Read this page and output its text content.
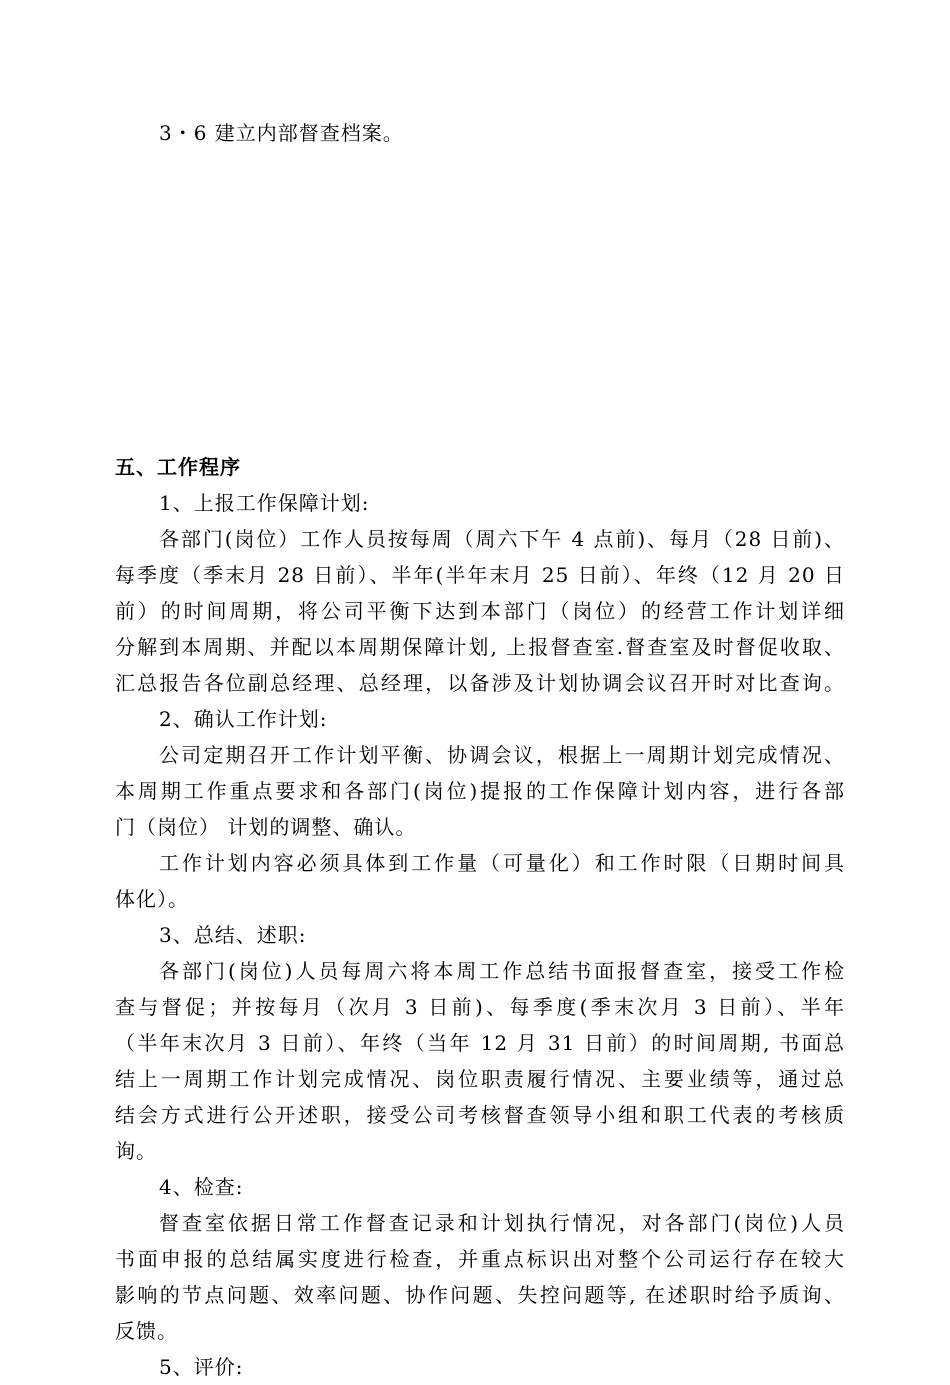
3・6 建立内部督查档案。
五、工作程序
1、上报工作保障计划:
各部门(岗位）工作人员按每周（周六下午 4 点前)、每月（28 日前)、
每季度（季末月 28 日前）、半年(半年末月 25 日前）、年终（12 月 20 日
前）的时间周期，将公司平衡下达到本部门（岗位）的经营工作计划详细
分解到本周期、并配以本周期保障计划, 上报督查室.督查室及时督促收取、
汇总报告各位副总经理、总经理，以备涉及计划协调会议召开时对比查询。
2、确认工作计划:
公司定期召开工作计划平衡、协调会议，根据上一周期计划完成情况、
本周期工作重点要求和各部门(岗位)提报的工作保障计划内容，进行各部
门（岗位） 计划的调整、确认。
工作计划内容必须具体到工作量（可量化）和工作时限（日期时间具
体化）。
3、总结、述职:
各部门(岗位)人员每周六将本周工作总结书面报督查室，接受工作检
查与督促；并按每月（次月 3 日前)、每季度(季末次月 3 日前）、半年
（半年末次月 3 日前）、年终（当年 12 月 31 日前）的时间周期, 书面总
结上一周期工作计划完成情况、岗位职责履行情况、主要业绩等，通过总
结会方式进行公开述职，接受公司考核督查领导小组和职工代表的考核质
询。
4、检查:
督查室依据日常工作督查记录和计划执行情况，对各部门(岗位)人员
书面申报的总结属实度进行检查，并重点标识出对整个公司运行存在较大
影响的节点问题、效率问题、协作问题、失控问题等, 在述职时给予质询、
反馈。
5、评价:
